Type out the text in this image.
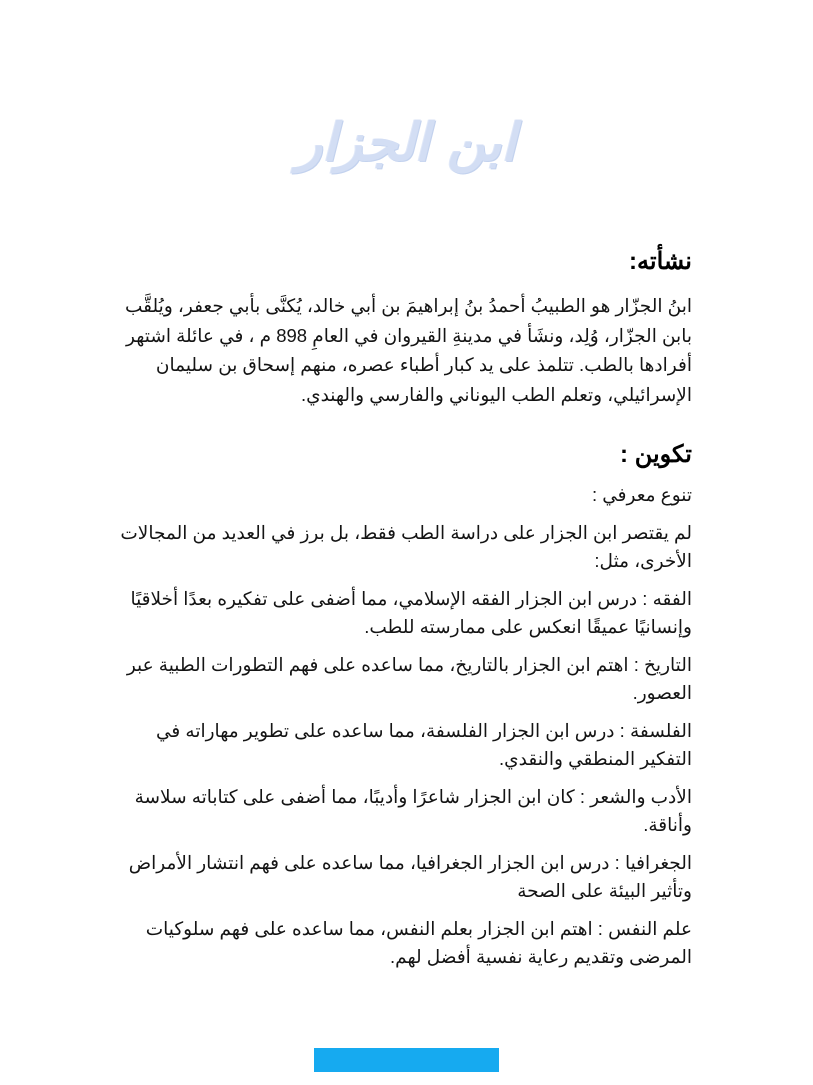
ابن الجزار
نشأته:

ابنُ الجزّار هو الطبيبُ أحمدُ بنُ إبراهيمَ بن أبي خالد، يُكنَّى بأبي جعفر، ويُلقَّب بابن الجزّار، وُلِد، ونشَأ في مدينةِ القيروان في العامِ 898 م ، في عائلة اشتهر أفرادها بالطب. تتلمذ على يد كبار أطباء عصره، منهم إسحاق بن سليمان الإسرائيلي، وتعلم الطب اليوناني والفارسي والهندي.

تكوين :

تنوع معرفي :

لم يقتصر ابن الجزار على دراسة الطب فقط، بل برز في العديد من المجالات الأخرى، مثل:

الفقه : درس ابن الجزار الفقه الإسلامي، مما أضفى على تفكيره بعدًا أخلاقيًا وإنسانيًا عميقًا انعكس على ممارسته للطب.

التاريخ : اهتم ابن الجزار بالتاريخ، مما ساعده على فهم التطورات الطبية عبر العصور.

الفلسفة : درس ابن الجزار الفلسفة، مما ساعده على تطوير مهاراته في التفكير المنطقي والنقدي.

الأدب والشعر : كان ابن الجزار شاعرًا وأديبًا، مما أضفى على كتاباته سلاسة وأناقة.

الجغرافيا : درس ابن الجزار الجغرافيا، مما ساعده على فهم انتشار الأمراض وتأثير البيئة على الصحة

علم النفس : اهتم ابن الجزار بعلم النفس، مما ساعده على فهم سلوكيات المرضى وتقديم رعاية نفسية أفضل لهم.
